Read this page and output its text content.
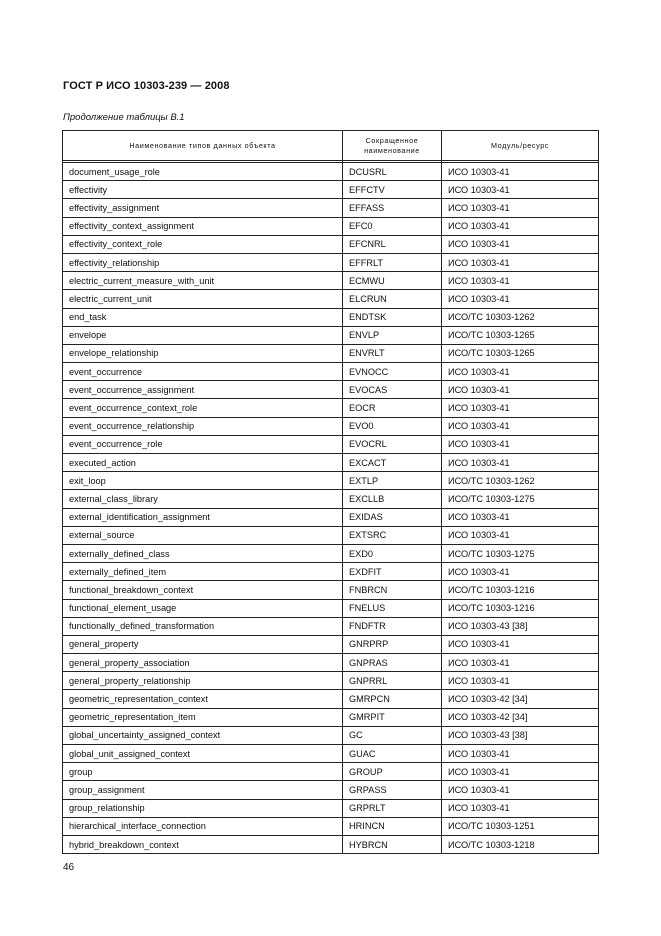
ГОСТ Р ИСО 10303-239 — 2008
Продолжение таблицы В.1
Наименование типов данных объекта	Сокращенное наименование	Модуль/ресурс

document_usage_role	DCUSRL	ИСО 10303-41
effectivity	EFFCTV	ИСО 10303-41
effectivity_assignment	EFFASS	ИСО 10303-41
effectivity_context_assignment	EFC0	ИСО 10303-41
effectivity_context_role	EFCNRL	ИСО 10303-41
effectivity_relationship	EFFRLT	ИСО 10303-41
electric_current_measure_with_unit	ECMWU	ИСО 10303-41
electric_current_unit	ELCRUN	ИСО 10303-41
end_task	ENDTSK	ИСО/ТС 10303-1262
envelope	ENVLP	ИСО/ТС 10303-1265
envelope_relationship	ENVRLT	ИСО/ТС 10303-1265
event_occurrence	EVNOCC	ИСО 10303-41
event_occurrence_assignment	EVOCAS	ИСО 10303-41
event_occurrence_context_role	EOCR	ИСО 10303-41
event_occurrence_relationship	EVO0	ИСО 10303-41
event_occurrence_role	EVOCRL	ИСО 10303-41
executed_action	EXCACT	ИСО 10303-41
exit_loop	EXTLP	ИСО/ТС 10303-1262
external_class_library	EXCLLB	ИСО/ТС 10303-1275
external_identification_assignment	EXIDAS	ИСО 10303-41
external_source	EXTSRC	ИСО 10303-41
externally_defined_class	EXD0	ИСО/ТС 10303-1275
externally_defined_item	EXDFIT	ИСО 10303-41
functional_breakdown_context	FNBRCN	ИСО/ТС 10303-1216
functional_element_usage	FNELUS	ИСО/ТС 10303-1216
functionally_defined_transformation	FNDFTR	ИСО 10303-43 [38]
general_property	GNRPRP	ИСО 10303-41
general_property_association	GNPRAS	ИСО 10303-41
general_property_relationship	GNPRRL	ИСО 10303-41
geometric_representation_context	GMRPCN	ИСО 10303-42 [34]
geometric_representation_item	GMRPIT	ИСО 10303-42 [34]
global_uncertainty_assigned_context	GC	ИСО 10303-43 [38]
global_unit_assigned_context	GUAC	ИСО 10303-41
group	GROUP	ИСО 10303-41
group_assignment	GRPASS	ИСО 10303-41
group_relationship	GRPRLT	ИСО 10303-41
hierarchical_interface_connection	HRINCN	ИСО/ТС 10303-1251
hybrid_breakdown_context	HYBRCN	ИСО/ТС 10303-1218
46
